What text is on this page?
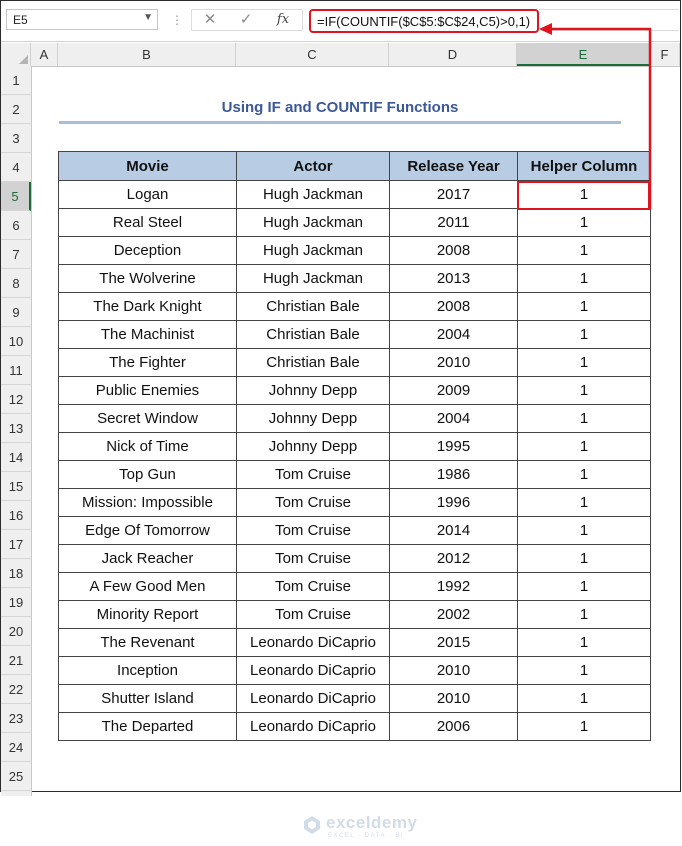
E5	▼ ⋮	✕	✓	fx	=IF(COUNTIF($C$5:$C$24,C5)>0,1)
A	B	C	D	E	F
1
2
3
4
5
6
7
8
9
10
11
12
13
14
15
16
17
18
19
20
21
22
23
24
25
Using IF and COUNTIF Functions
Movie	Actor	Release Year	Helper Column
Logan	Hugh Jackman	2017	1
Real Steel	Hugh Jackman	2011	1
Deception	Hugh Jackman	2008	1
The Wolverine	Hugh Jackman	2013	1
The Dark Knight	Christian Bale	2008	1
The Machinist	Christian Bale	2004	1
The Fighter	Christian Bale	2010	1
Public Enemies	Johnny Depp	2009	1
Secret Window	Johnny Depp	2004	1
Nick of Time	Johnny Depp	1995	1
Top Gun	Tom Cruise	1986	1
Mission: Impossible	Tom Cruise	1996	1
Edge Of Tomorrow	Tom Cruise	2014	1
Jack Reacher	Tom Cruise	2012	1
A Few Good Men	Tom Cruise	1992	1
Minority Report	Tom Cruise	2002	1
The Revenant	Leonardo DiCaprio	2015	1
Inception	Leonardo DiCaprio	2010	1
Shutter Island	Leonardo DiCaprio	2010	1
The Departed	Leonardo DiCaprio	2006	1
exceldemy
EXCEL · DATA · BI
